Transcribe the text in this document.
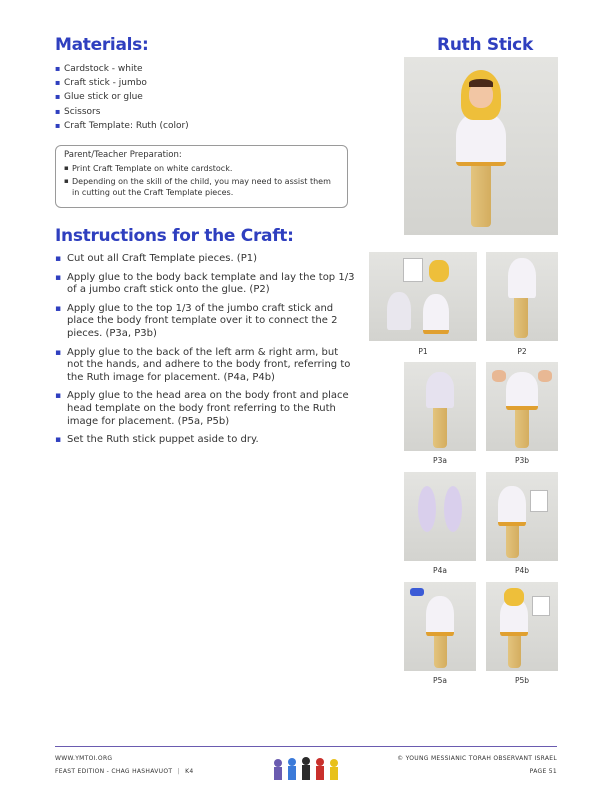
Materials:
▪ Cardstock - white
▪ Craft stick - jumbo
▪ Glue stick or glue
▪ Scissors
▪ Craft Template: Ruth (color)
Parent/Teacher Preparation:
▪ Print Craft Template on white cardstock.
▪ Depending on the skill of the child, you may need to assist them in cutting out the Craft Template pieces.
Instructions for the Craft:
▪ Cut out all Craft Template pieces. (P1)
▪ Apply glue to the body back template and lay the top 1/3 of a jumbo craft stick onto the glue. (P2)
▪ Apply glue to the top 1/3 of the jumbo craft stick and place the body front template over it to connect the 2 pieces. (P3a, P3b)
▪ Apply glue to the back of the left arm & right arm, but not the hands, and adhere to the body front, referring to the Ruth image for placement. (P4a, P4b)
▪ Apply glue to the head area on the body front and place head template on the body front referring to the Ruth image for placement. (P5a, P5b)
▪ Set the Ruth stick puppet aside to dry.
Ruth Stick
P1	P2
P3a	P3b
P4a	P4b
P5a	P5b
WWW.YMTOI.ORG
FEAST EDITION - CHAG HASHAVUOT | K4
© YOUNG MESSIANIC TORAH OBSERVANT ISRAEL
PAGE 51
